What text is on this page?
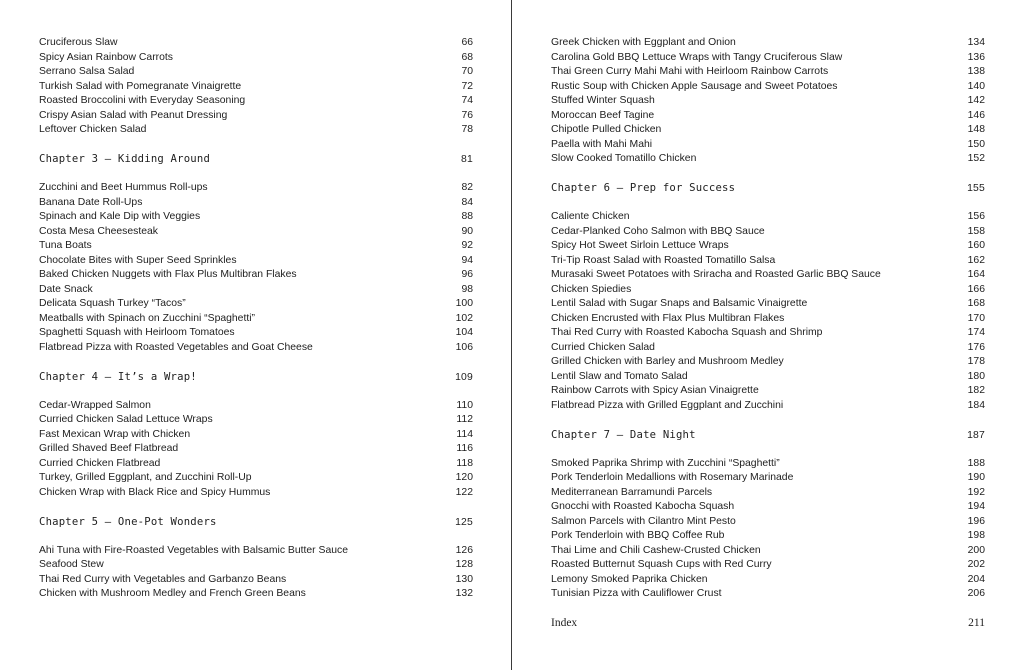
Cruciferous Slaw	66
Spicy Asian Rainbow Carrots	68
Serrano Salsa Salad	70
Turkish Salad with Pomegranate Vinaigrette	72
Roasted Broccolini with Everyday Seasoning	74
Crispy Asian Salad with Peanut Dressing	76
Leftover Chicken Salad	78
Chapter 3 — Kidding Around	81
Zucchini and Beet Hummus Roll-ups	82
Banana Date Roll-Ups	84
Spinach and Kale Dip with Veggies	88
Costa Mesa Cheesesteak	90
Tuna Boats	92
Chocolate Bites with Super Seed Sprinkles	94
Baked Chicken Nuggets with Flax Plus Multibran Flakes	96
Date Snack	98
Delicata Squash Turkey “Tacos”	100
Meatballs with Spinach on Zucchini “Spaghetti”	102
Spaghetti Squash with Heirloom Tomatoes	104
Flatbread Pizza with Roasted Vegetables and Goat Cheese	106
Chapter 4 — It’s a Wrap!	109
Cedar-Wrapped Salmon	110
Curried Chicken Salad Lettuce Wraps	112
Fast Mexican Wrap with Chicken	114
Grilled Shaved Beef Flatbread	116
Curried Chicken Flatbread	118
Turkey, Grilled Eggplant, and Zucchini Roll-Up	120
Chicken Wrap with Black Rice and Spicy Hummus	122
Chapter 5 — One-Pot Wonders	125
Ahi Tuna with Fire-Roasted Vegetables with Balsamic Butter Sauce	126
Seafood Stew	128
Thai Red Curry with Vegetables and Garbanzo Beans	130
Chicken with Mushroom Medley and French Green Beans	132
Greek Chicken with Eggplant and Onion	134
Carolina Gold BBQ Lettuce Wraps with Tangy Cruciferous Slaw	136
Thai Green Curry Mahi Mahi with Heirloom Rainbow Carrots	138
Rustic Soup with Chicken Apple Sausage and Sweet Potatoes	140
Stuffed Winter Squash	142
Moroccan Beef Tagine	146
Chipotle Pulled Chicken	148
Paella with Mahi Mahi	150
Slow Cooked Tomatillo Chicken	152
Chapter 6 — Prep for Success	155
Caliente Chicken	156
Cedar-Planked Coho Salmon with BBQ Sauce	158
Spicy Hot Sweet Sirloin Lettuce Wraps	160
Tri-Tip Roast Salad with Roasted Tomatillo Salsa	162
Murasaki Sweet Potatoes with Sriracha and Roasted Garlic BBQ Sauce	164
Chicken Spiedies	166
Lentil Salad with Sugar Snaps and Balsamic Vinaigrette	168
Chicken Encrusted with Flax Plus Multibran Flakes	170
Thai Red Curry with Roasted Kabocha Squash and Shrimp	174
Curried Chicken Salad	176
Grilled Chicken with Barley and Mushroom Medley	178
Lentil Slaw and Tomato Salad	180
Rainbow Carrots with Spicy Asian Vinaigrette	182
Flatbread Pizza with Grilled Eggplant and Zucchini	184
Chapter 7 — Date Night	187
Smoked Paprika Shrimp with Zucchini “Spaghetti”	188
Pork Tenderloin Medallions with Rosemary Marinade	190
Mediterranean Barramundi Parcels	192
Gnocchi with Roasted Kabocha Squash	194
Salmon Parcels with Cilantro Mint Pesto	196
Pork Tenderloin with BBQ Coffee Rub	198
Thai Lime and Chili Cashew-Crusted Chicken	200
Roasted Butternut Squash Cups with Red Curry	202
Lemony Smoked Paprika Chicken	204
Tunisian Pizza with Cauliflower Crust	206
Index	211
